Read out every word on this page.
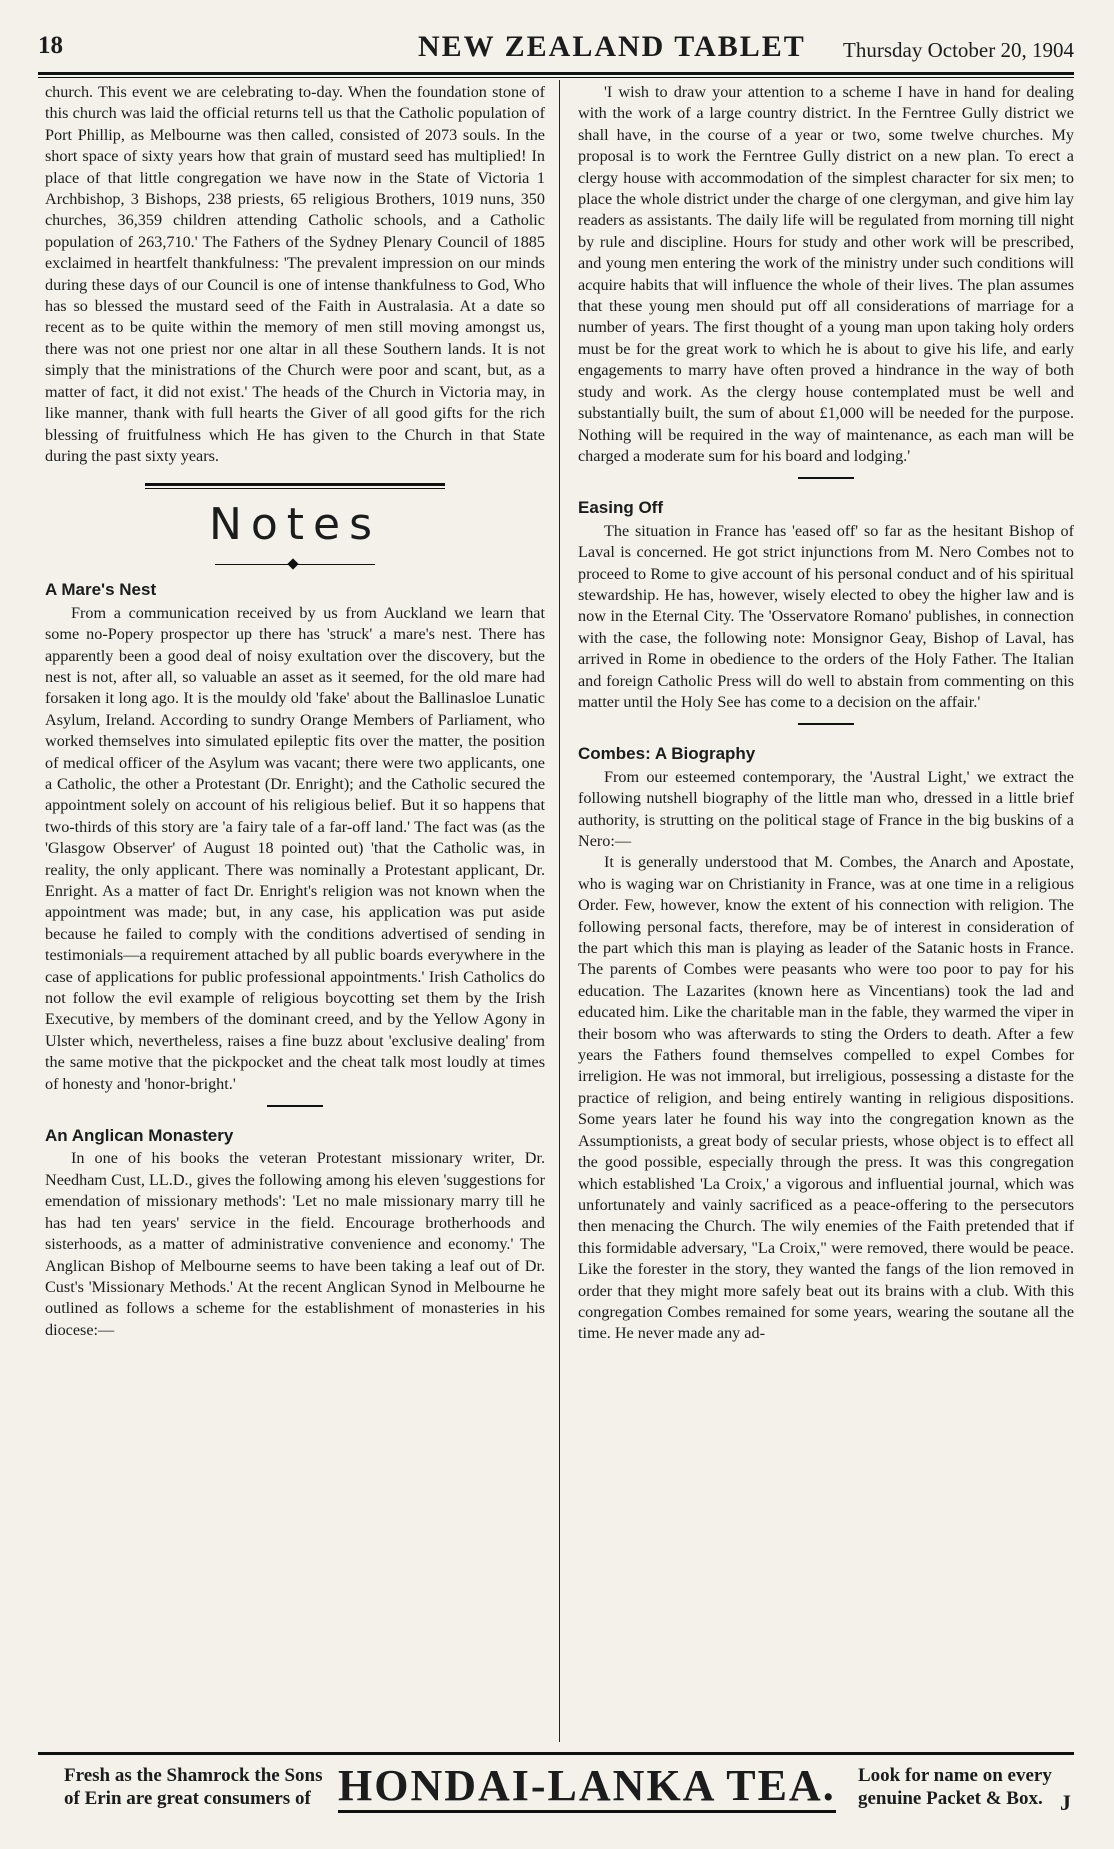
18	NEW ZEALAND TABLET Thursday October 20, 1904

church. This event we are celebrating to-day. When the foundation stone of this church was laid the official returns tell us that the Catholic population of Port Phillip, as Melbourne was then called, consisted of 2073 souls. In the short space of sixty years how that grain of mustard seed has multiplied! In place of that little congregation we have now in the State of Victoria 1 Archbishop, 3 Bishops, 238 priests, 65 religious Brothers, 1019 nuns, 350 churches, 36,359 children attending Catholic schools, and a Catholic population of 263,710.' The Fathers of the Sydney Plenary Council of 1885 exclaimed in heartfelt thankfulness: 'The prevalent impression on our minds during these days of our Council is one of intense thankfulness to God, Who has so blessed the mustard seed of the Faith in Australasia. At a date so recent as to be quite within the memory of men still moving amongst us, there was not one priest nor one altar in all these Southern lands. It is not simply that the ministrations of the Church were poor and scant, but, as a matter of fact, it did not exist.' The heads of the Church in Victoria may, in like manner, thank with full hearts the Giver of all good gifts for the rich blessing of fruitfulness which He has given to the Church in that State during the past sixty years.

Notes
A Mare's Nest

From a communication received by us from Auckland we learn that some no-Popery prospector up there has 'struck' a mare's nest. There has apparently been a good deal of noisy exultation over the discovery, but the nest is not, after all, so valuable an asset as it seemed, for the old mare had forsaken it long ago. It is the mouldy old 'fake' about the Ballinasloe Lunatic Asylum, Ireland. According to sundry Orange Members of Parliament, who worked themselves into simulated epileptic fits over the matter, the position of medical officer of the Asylum was vacant; there were two applicants, one a Catholic, the other a Protestant (Dr. Enright); and the Catholic secured the appointment solely on account of his religious belief. But it so happens that two-thirds of this story are 'a fairy tale of a far-off land.' The fact was (as the 'Glasgow Observer' of August 18 pointed out) 'that the Catholic was, in reality, the only applicant. There was nominally a Protestant applicant, Dr. Enright. As a matter of fact Dr. Enright's religion was not known when the appointment was made; but, in any case, his application was put aside because he failed to comply with the conditions advertised of sending in testimonials—a requirement attached by all public boards everywhere in the case of applications for public professional appointments.' Irish Catholics do not follow the evil example of religious boycotting set them by the Irish Executive, by members of the dominant creed, and by the Yellow Agony in Ulster which, nevertheless, raises a fine buzz about 'exclusive dealing' from the same motive that the pickpocket and the cheat talk most loudly at times of honesty and 'honor-bright.'

An Anglican Monastery

In one of his books the veteran Protestant missionary writer, Dr. Needham Cust, LL.D., gives the following among his eleven 'suggestions for emendation of missionary methods': 'Let no male missionary marry till he has had ten years' service in the field. Encourage brotherhoods and sisterhoods, as a matter of administrative convenience and economy.' The Anglican Bishop of Melbourne seems to have been taking a leaf out of Dr. Cust's 'Missionary Methods.' At the recent Anglican Synod in Melbourne he outlined as follows a scheme for the establishment of monasteries in his diocese:—

'I wish to draw your attention to a scheme I have in hand for dealing with the work of a large country district. In the Ferntree Gully district we shall have, in the course of a year or two, some twelve churches. My proposal is to work the Ferntree Gully district on a new plan. To erect a clergy house with accommodation of the simplest character for six men; to place the whole district under the charge of one clergyman, and give him lay readers as assistants. The daily life will be regulated from morning till night by rule and discipline. Hours for study and other work will be prescribed, and young men entering the work of the ministry under such conditions will acquire habits that will influence the whole of their lives. The plan assumes that these young men should put off all considerations of marriage for a number of years. The first thought of a young man upon taking holy orders must be for the great work to which he is about to give his life, and early engagements to marry have often proved a hindrance in the way of both study and work. As the clergy house contemplated must be well and substantially built, the sum of about £1,000 will be needed for the purpose. Nothing will be required in the way of maintenance, as each man will be charged a moderate sum for his board and lodging.'

Easing Off

The situation in France has 'eased off' so far as the hesitant Bishop of Laval is concerned. He got strict injunctions from M. Nero Combes not to proceed to Rome to give account of his personal conduct and of his spiritual stewardship. He has, however, wisely elected to obey the higher law and is now in the Eternal City. The 'Osservatore Romano' publishes, in connection with the case, the following note: Monsignor Geay, Bishop of Laval, has arrived in Rome in obedience to the orders of the Holy Father. The Italian and foreign Catholic Press will do well to abstain from commenting on this matter until the Holy See has come to a decision on the affair.'

Combes: A Biography

From our esteemed contemporary, the 'Austral Light,' we extract the following nutshell biography of the little man who, dressed in a little brief authority, is strutting on the political stage of France in the big buskins of a Nero:—

It is generally understood that M. Combes, the Anarch and Apostate, who is waging war on Christianity in France, was at one time in a religious Order. Few, however, know the extent of his connection with religion. The following personal facts, therefore, may be of interest in consideration of the part which this man is playing as leader of the Satanic hosts in France. The parents of Combes were peasants who were too poor to pay for his education. The Lazarites (known here as Vincentians) took the lad and educated him. Like the charitable man in the fable, they warmed the viper in their bosom who was afterwards to sting the Orders to death. After a few years the Fathers found themselves compelled to expel Combes for irreligion. He was not immoral, but irreligious, possessing a distaste for the practice of religion, and being entirely wanting in religious dispositions. Some years later he found his way into the congregation known as the Assumptionists, a great body of secular priests, whose object is to effect all the good possible, especially through the press. It was this congregation which established 'La Croix,' a vigorous and influential journal, which was unfortunately and vainly sacrificed as a peace-offering to the persecutors then menacing the Church. The wily enemies of the Faith pretended that if this formidable adversary, "La Croix," were removed, there would be peace. Like the forester in the story, they wanted the fangs of the lion removed in order that they might more safely beat out its brains with a club. With this congregation Combes remained for some years, wearing the soutane all the time. He never made any ad-

Fresh as the Shamrock the Sons
of Erin are great consumers of HONDAI-LANKA TEA. Look for name on every
genuine Packet & Box. J
